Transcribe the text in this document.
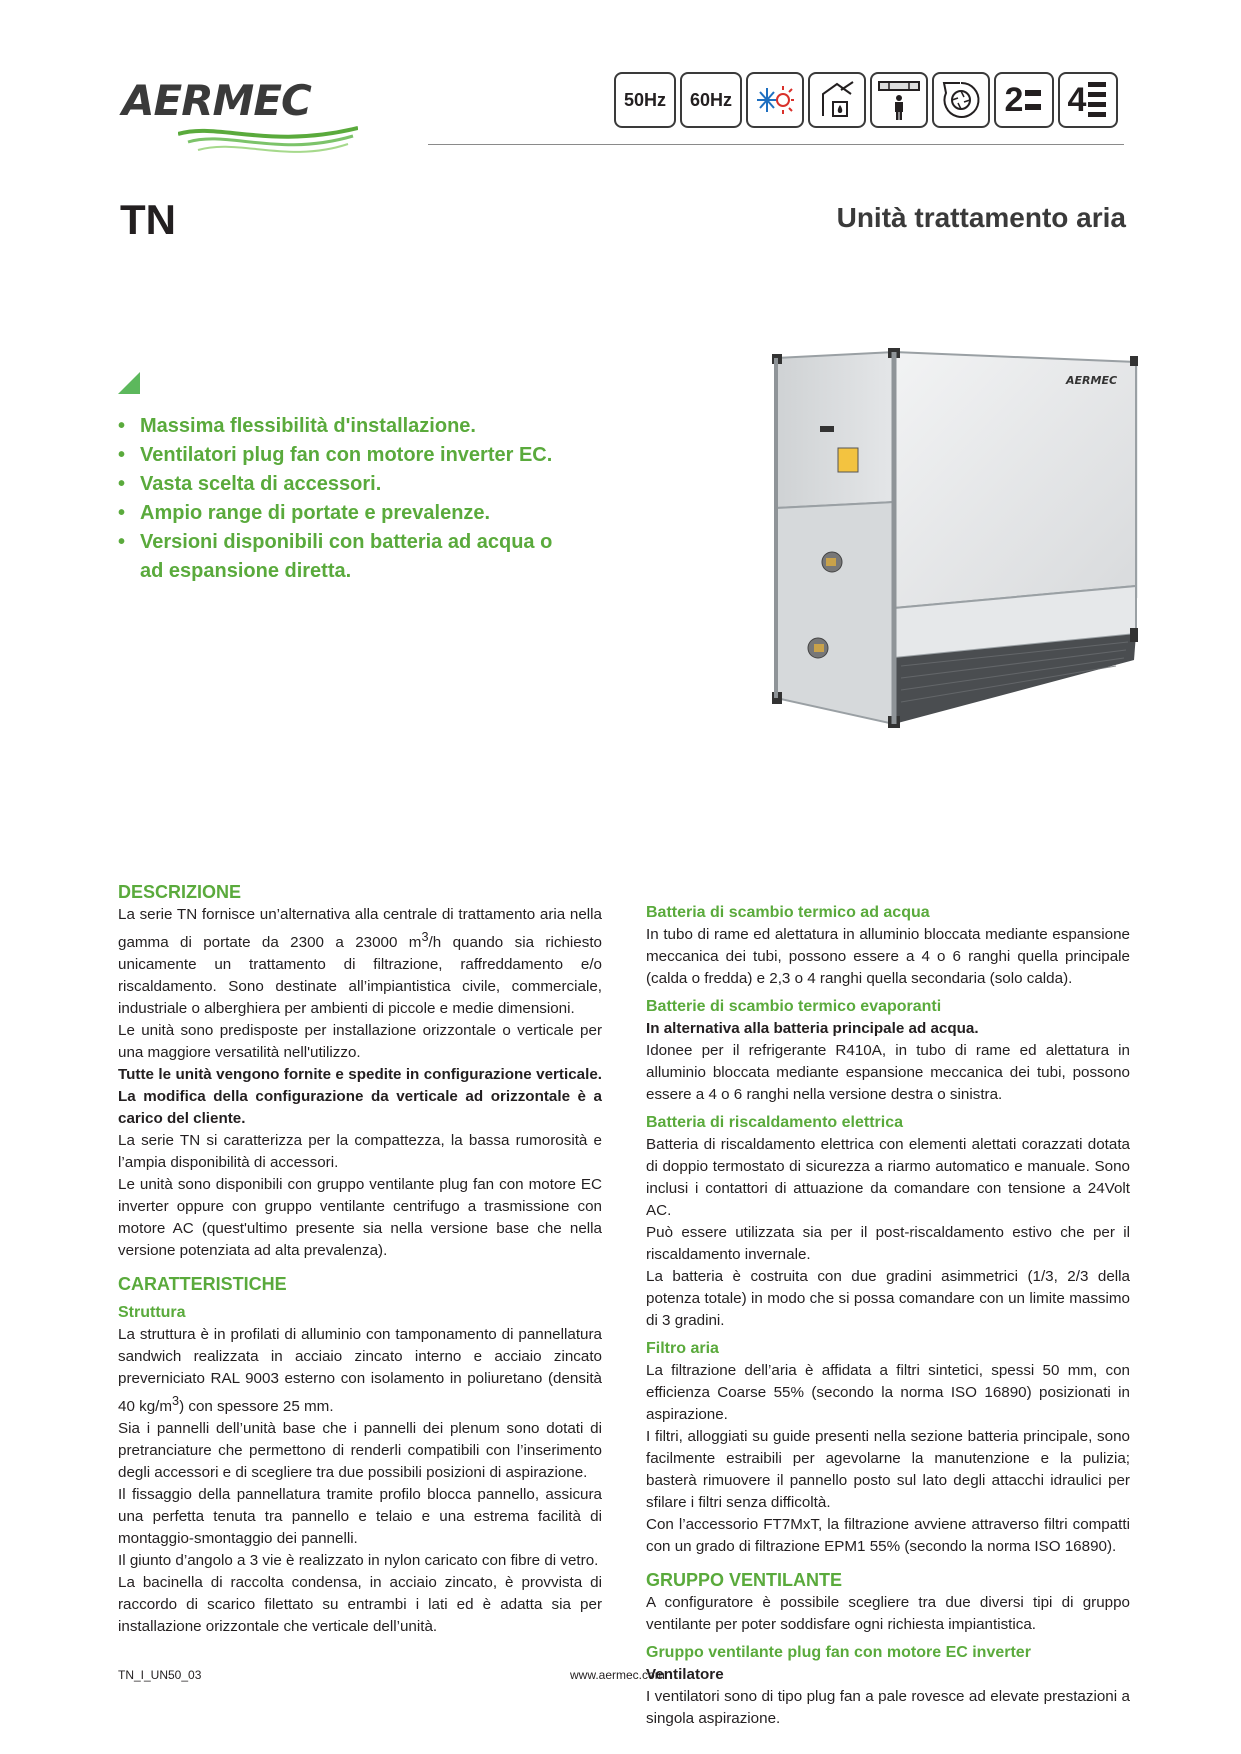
AERMEC	50Hz	60Hz	2 4
TN	Unità trattamento aria
• Massima flessibilità d'installazione.
• Ventilatori plug fan con motore inverter EC.
• Vasta scelta di accessori.
• Ampio range di portate e prevalenze.
• Versioni disponibili con batteria ad acqua o ad espansione diretta.
AERMEC
DESCRIZIONE

La serie TN fornisce un’alternativa alla centrale di trattamento aria nella gamma di portate da 2300 a 23000 $m^3/h$ quando sia richiesto unicamente un trattamento di filtrazione, raffreddamento e/o riscaldamento. Sono destinate all’impiantistica civile, commerciale, industriale o alberghiera per ambienti di piccole e medie dimensioni.

Le unità sono predisposte per installazione orizzontale o verticale per una maggiore versatilità nell'utilizzo.

Tutte le unità vengono fornite e spedite in configurazione verticale. La modifica della configurazione da verticale ad orizzontale è a carico del cliente.

La serie TN si caratterizza per la compattezza, la bassa rumorosità e l’ampia disponibilità di accessori.

Le unità sono disponibili con gruppo ventilante plug fan con motore EC inverter oppure con gruppo ventilante centrifugo a trasmissione con motore AC (quest'ultimo presente sia nella versione base che nella versione potenziata ad alta prevalenza).

CARATTERISTICHE
Struttura

La struttura è in profilati di alluminio con tamponamento di pannellatura sandwich realizzata in acciaio zincato interno e acciaio zincato preverniciato RAL 9003 esterno con isolamento in poliuretano (densità 40 $kg/m^3$) con spessore 25 mm.

Sia i pannelli dell’unità base che i pannelli dei plenum sono dotati di pretranciature che permettono di renderli compatibili con l’inserimento degli accessori e di scegliere tra due possibili posizioni di aspirazione.

Il fissaggio della pannellatura tramite profilo blocca pannello, assicura una perfetta tenuta tra pannello e telaio e una estrema facilità di montaggio-smontaggio dei pannelli.

Il giunto d’angolo a 3 vie è realizzato in nylon caricato con fibre di vetro.

La bacinella di raccolta condensa, in acciaio zincato, è provvista di raccordo di scarico filettato su entrambi i lati ed è adatta sia per installazione orizzontale che verticale dell’unità.

Batteria di scambio termico ad acqua

In tubo di rame ed alettatura in alluminio bloccata mediante espansione meccanica dei tubi, possono essere a 4 o 6 ranghi quella principale (calda o fredda) e 2,3 o 4 ranghi quella secondaria (solo calda).

Batterie di scambio termico evaporanti

In alternativa alla batteria principale ad acqua.

Idonee per il refrigerante R410A, in tubo di rame ed alettatura in alluminio bloccata mediante espansione meccanica dei tubi, possono essere a 4 o 6 ranghi nella versione destra o sinistra.

Batteria di riscaldamento elettrica

Batteria di riscaldamento elettrica con elementi alettati corazzati dotata di doppio termostato di sicurezza a riarmo automatico e manuale. Sono inclusi i contattori di attuazione da comandare con tensione a 24Volt AC.

Può essere utilizzata sia per il post-riscaldamento estivo che per il riscaldamento invernale.

La batteria è costruita con due gradini asimmetrici (1/3, 2/3 della potenza totale) in modo che si possa comandare con un limite massimo di 3 gradini.

Filtro aria

La filtrazione dell’aria è affidata a filtri sintetici, spessi 50 mm, con efficienza Coarse 55% (secondo la norma ISO 16890) posizionati in aspirazione.

I filtri, alloggiati su guide presenti nella sezione batteria principale, sono facilmente estraibili per agevolarne la manutenzione e la pulizia; basterà rimuovere il pannello posto sul lato degli attacchi idraulici per sfilare i filtri senza difficoltà.

Con l’accessorio FT7MxT, la filtrazione avviene attraverso filtri compatti con un grado di filtrazione EPM1 55% (secondo la norma ISO 16890).

GRUPPO VENTILANTE

A configuratore è possibile scegliere tra due diversi tipi di gruppo ventilante per poter soddisfare ogni richiesta impiantistica.

Gruppo ventilante plug fan con motore EC inverter
Ventilatore

I ventilatori sono di tipo plug fan a pale rovesce ad elevate prestazioni a singola aspirazione.

TN_I_UN50_03	www.aermec.com
